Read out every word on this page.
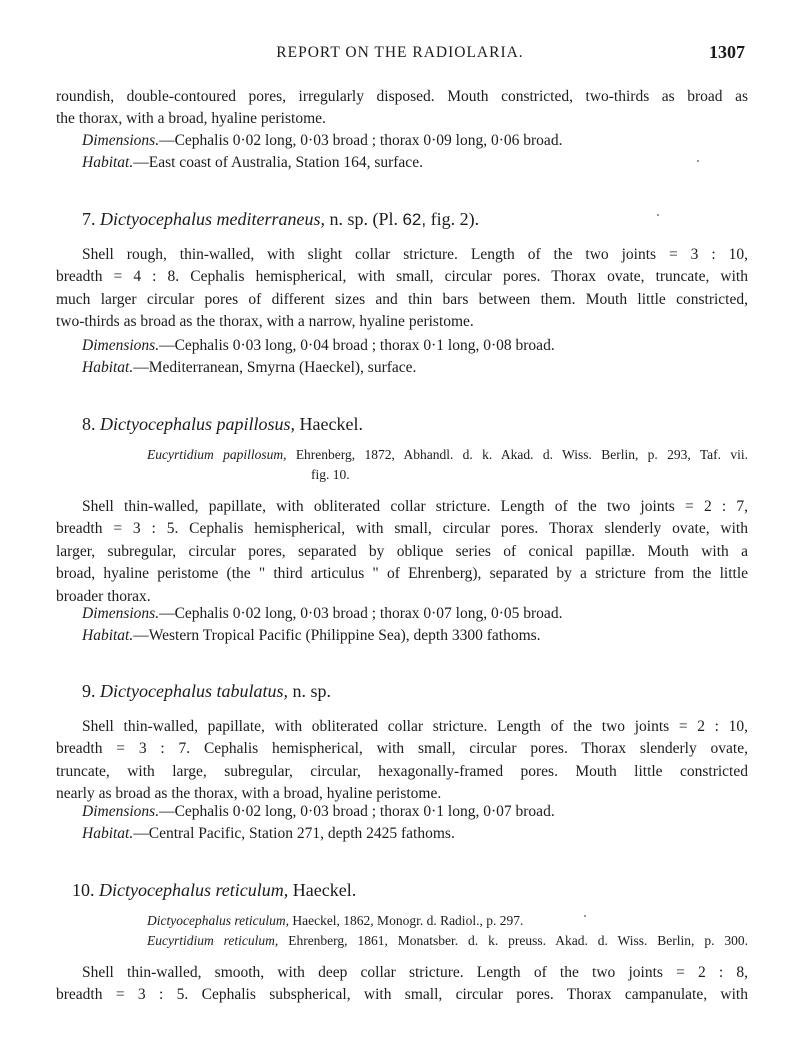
REPORT ON THE RADIOLARIA.	1307

roundish, double-contoured pores, irregularly disposed. Mouth constricted, two-thirds as broad as
the thorax, with a broad, hyaline peristome.

Dimensions.—Cephalis 0·02 long, 0·03 broad ; thorax 0·09 long, 0·06 broad.

Habitat.—East coast of Australia, Station 164, surface.

7. Dictyocephalus mediterraneus, n. sp. (Pl. 62, fig. 2).

Shell rough, thin-walled, with slight collar stricture. Length of the two joints = 3 : 10,
breadth = 4 : 8. Cephalis hemispherical, with small, circular pores. Thorax ovate, truncate, with
much larger circular pores of different sizes and thin bars between them. Mouth little constricted,
two-thirds as broad as the thorax, with a narrow, hyaline peristome.

Dimensions.—Cephalis 0·03 long, 0·04 broad ; thorax 0·1 long, 0·08 broad.

Habitat.—Mediterranean, Smyrna (Haeckel), surface.

8. Dictyocephalus papillosus, Haeckel.

Eucyrtidium papillosum, Ehrenberg, 1872, Abhandl. d. k. Akad. d. Wiss. Berlin, p. 293, Taf. vii.
fig. 10.

Shell thin-walled, papillate, with obliterated collar stricture. Length of the two joints = 2 : 7,
breadth = 3 : 5. Cephalis hemispherical, with small, circular pores. Thorax slenderly ovate, with
larger, subregular, circular pores, separated by oblique series of conical papillæ. Mouth with a
broad, hyaline peristome (the " third articulus " of Ehrenberg), separated by a stricture from the little
broader thorax.

Dimensions.—Cephalis 0·02 long, 0·03 broad ; thorax 0·07 long, 0·05 broad.

Habitat.—Western Tropical Pacific (Philippine Sea), depth 3300 fathoms.

9. Dictyocephalus tabulatus, n. sp.

Shell thin-walled, papillate, with obliterated collar stricture. Length of the two joints = 2 : 10,
breadth = 3 : 7. Cephalis hemispherical, with small, circular pores. Thorax slenderly ovate,
truncate, with large, subregular, circular, hexagonally-framed pores. Mouth little constricted
nearly as broad as the thorax, with a broad, hyaline peristome.

Dimensions.—Cephalis 0·02 long, 0·03 broad ; thorax 0·1 long, 0·07 broad.

Habitat.—Central Pacific, Station 271, depth 2425 fathoms.

10. Dictyocephalus reticulum, Haeckel.

Dictyocephalus reticulum, Haeckel, 1862, Monogr. d. Radiol., p. 297.
Eucyrtidium reticulum, Ehrenberg, 1861, Monatsber. d. k. preuss. Akad. d. Wiss. Berlin, p. 300.

Shell thin-walled, smooth, with deep collar stricture. Length of the two joints = 2 : 8,
breadth = 3 : 5. Cephalis subspherical, with small, circular pores. Thorax campanulate, with
